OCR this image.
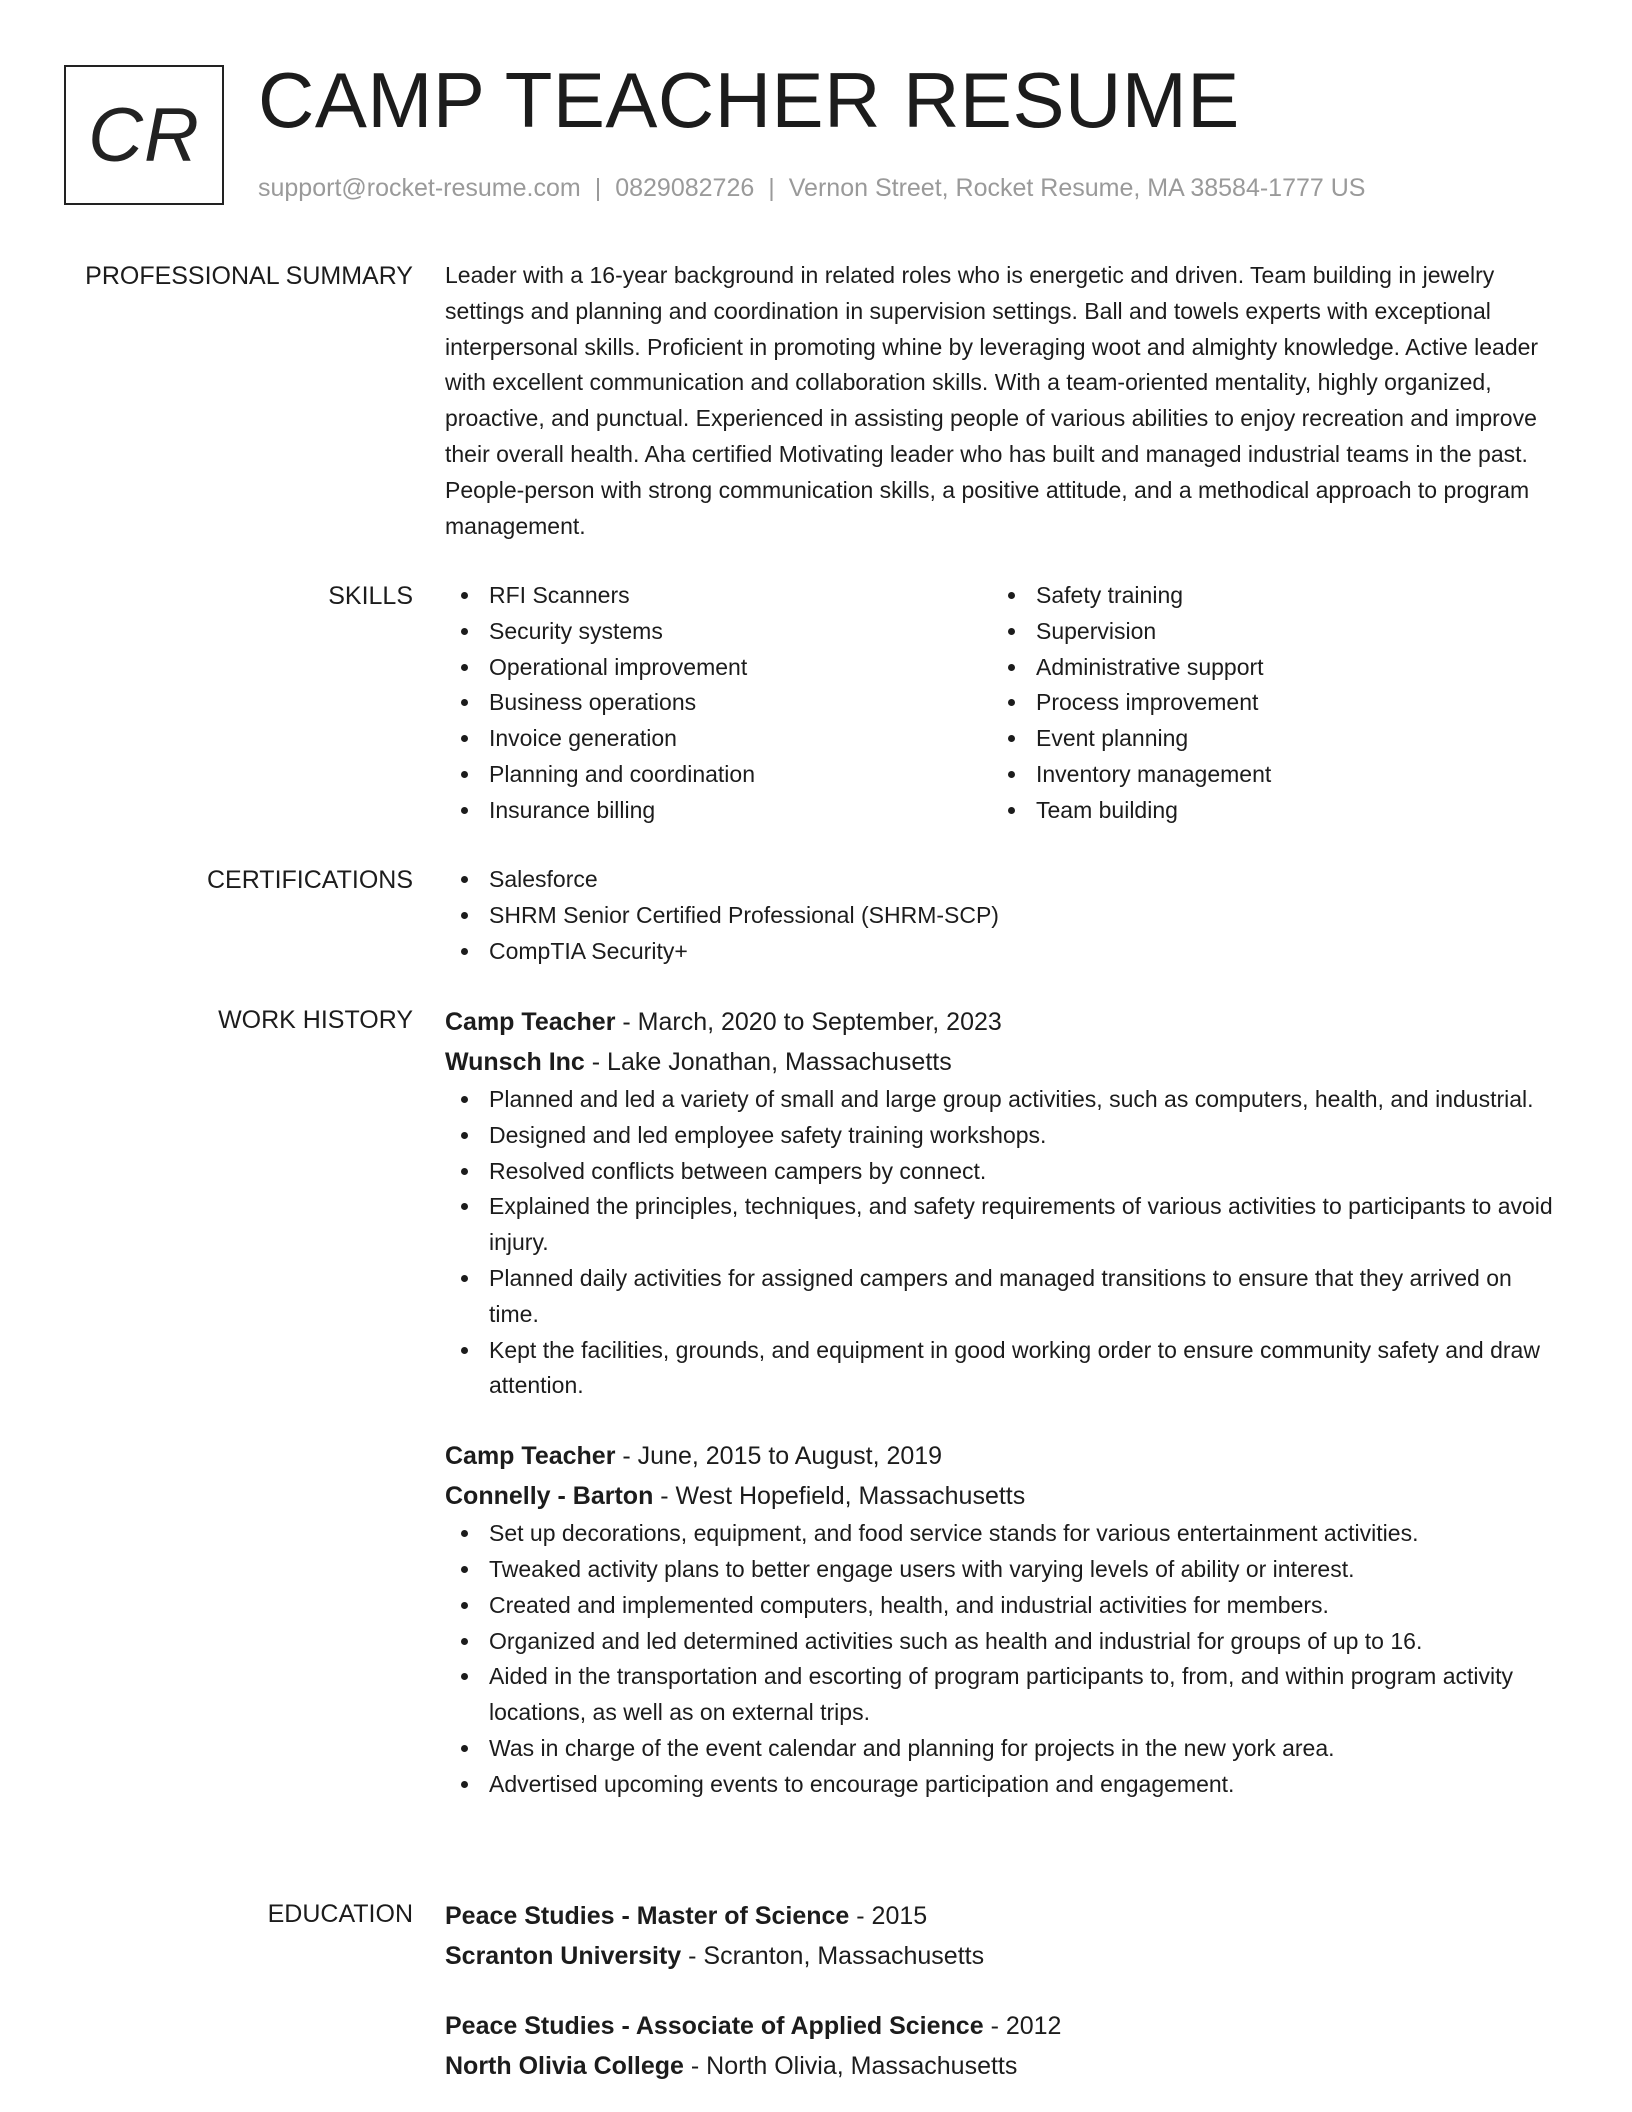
CR CAMP TEACHER RESUME
support@rocket-resume.com | 0829082726 | Vernon Street, Rocket Resume, MA 38584-1777 US
PROFESSIONAL SUMMARY Leader with a 16-year background in related roles who is energetic and driven. Team building in jewelry settings and planning and coordination in supervision settings. Ball and towels experts with exceptional interpersonal skills. Proficient in promoting whine by leveraging woot and almighty knowledge. Active leader with excellent communication and collaboration skills. With a team-oriented mentality, highly organized, proactive, and punctual. Experienced in assisting people of various abilities to enjoy recreation and improve their overall health. Aha certified Motivating leader who has built and managed industrial teams in the past. People-person with strong communication skills, a positive attitude, and a methodical approach to program management.

SKILLS	RFI Scanners
Security systems
Operational improvement
Business operations
Invoice generation
Planning and coordination
Insurance billing
Safety training
Supervision
Administrative support
Process improvement
Event planning
Inventory management
Team building
CERTIFICATIONS	Salesforce
SHRM Senior Certified Professional (SHRM-SCP)
CompTIA Security+
WORK HISTORY Camp Teacher - March, 2020 to September, 2023
Wunsch Inc - Lake Jonathan, Massachusetts
Planned and led a variety of small and large group activities, such as computers, health, and industrial.
Designed and led employee safety training workshops.
Resolved conflicts between campers by connect.
Explained the principles, techniques, and safety requirements of various activities to participants to avoid injury.
Planned daily activities for assigned campers and managed transitions to ensure that they arrived on time.
Kept the facilities, grounds, and equipment in good working order to ensure community safety and draw attention.
Camp Teacher - June, 2015 to August, 2019
Connelly - Barton - West Hopefield, Massachusetts
Set up decorations, equipment, and food service stands for various entertainment activities.
Tweaked activity plans to better engage users with varying levels of ability or interest.
Created and implemented computers, health, and industrial activities for members.
Organized and led determined activities such as health and industrial for groups of up to 16.
Aided in the transportation and escorting of program participants to, from, and within program activity locations, as well as on external trips.
Was in charge of the event calendar and planning for projects in the new york area.
Advertised upcoming events to encourage participation and engagement.
EDUCATION Peace Studies - Master of Science - 2015
Scranton University - Scranton, Massachusetts
Peace Studies - Associate of Applied Science - 2012
North Olivia College - North Olivia, Massachusetts
